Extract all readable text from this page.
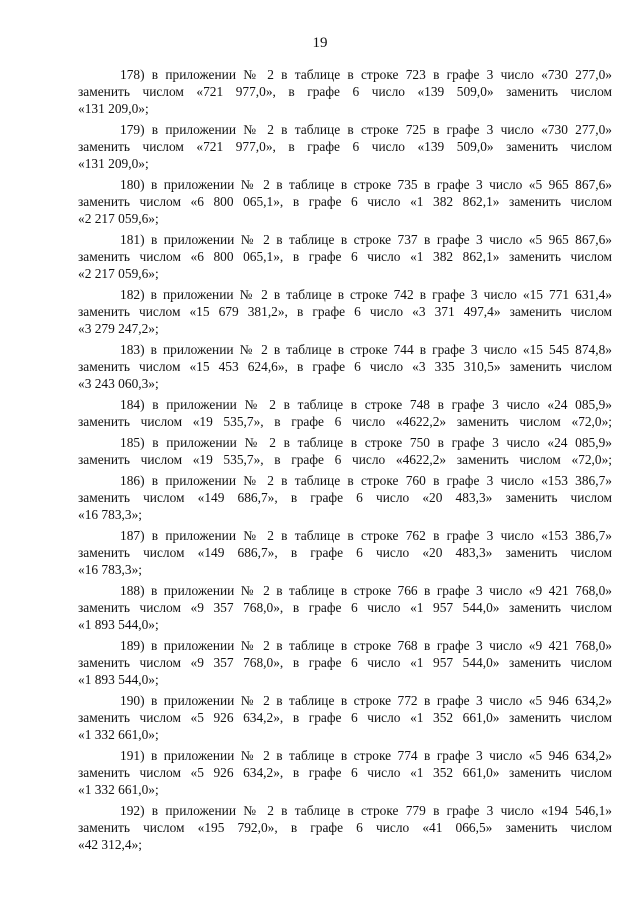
19
178) в приложении № 2 в таблице в строке 723 в графе 3 число «730 277,0»
заменить числом «721 977,0», в графе 6 число «139 509,0» заменить числом
«131 209,0»;
179) в приложении № 2 в таблице в строке 725 в графе 3 число «730 277,0»
заменить числом «721 977,0», в графе 6 число «139 509,0» заменить числом
«131 209,0»;
180) в приложении № 2 в таблице в строке 735 в графе 3 число «5 965 867,6»
заменить числом «6 800 065,1», в графе 6 число «1 382 862,1» заменить числом
«2 217 059,6»;
181) в приложении № 2 в таблице в строке 737 в графе 3 число «5 965 867,6»
заменить числом «6 800 065,1», в графе 6 число «1 382 862,1» заменить числом
«2 217 059,6»;
182) в приложении № 2 в таблице в строке 742 в графе 3 число «15 771 631,4»
заменить числом «15 679 381,2», в графе 6 число «3 371 497,4» заменить числом
«3 279 247,2»;
183) в приложении № 2 в таблице в строке 744 в графе 3 число «15 545 874,8»
заменить числом «15 453 624,6», в графе 6 число «3 335 310,5» заменить числом
«3 243 060,3»;
184) в приложении № 2 в таблице в строке 748 в графе 3 число «24 085,9»
заменить числом «19 535,7», в графе 6 число «4622,2» заменить числом «72,0»;
185) в приложении № 2 в таблице в строке 750 в графе 3 число «24 085,9»
заменить числом «19 535,7», в графе 6 число «4622,2» заменить числом «72,0»;
186) в приложении № 2 в таблице в строке 760 в графе 3 число «153 386,7»
заменить числом «149 686,7», в графе 6 число «20 483,3» заменить числом
«16 783,3»;
187) в приложении № 2 в таблице в строке 762 в графе 3 число «153 386,7»
заменить числом «149 686,7», в графе 6 число «20 483,3» заменить числом
«16 783,3»;
188) в приложении № 2 в таблице в строке 766 в графе 3 число «9 421 768,0»
заменить числом «9 357 768,0», в графе 6 число «1 957 544,0» заменить числом
«1 893 544,0»;
189) в приложении № 2 в таблице в строке 768 в графе 3 число «9 421 768,0»
заменить числом «9 357 768,0», в графе 6 число «1 957 544,0» заменить числом
«1 893 544,0»;
190) в приложении № 2 в таблице в строке 772 в графе 3 число «5 946 634,2»
заменить числом «5 926 634,2», в графе 6 число «1 352 661,0» заменить числом
«1 332 661,0»;
191) в приложении № 2 в таблице в строке 774 в графе 3 число «5 946 634,2»
заменить числом «5 926 634,2», в графе 6 число «1 352 661,0» заменить числом
«1 332 661,0»;
192) в приложении № 2 в таблице в строке 779 в графе 3 число «194 546,1»
заменить числом «195 792,0», в графе 6 число «41 066,5» заменить числом
«42 312,4»;
